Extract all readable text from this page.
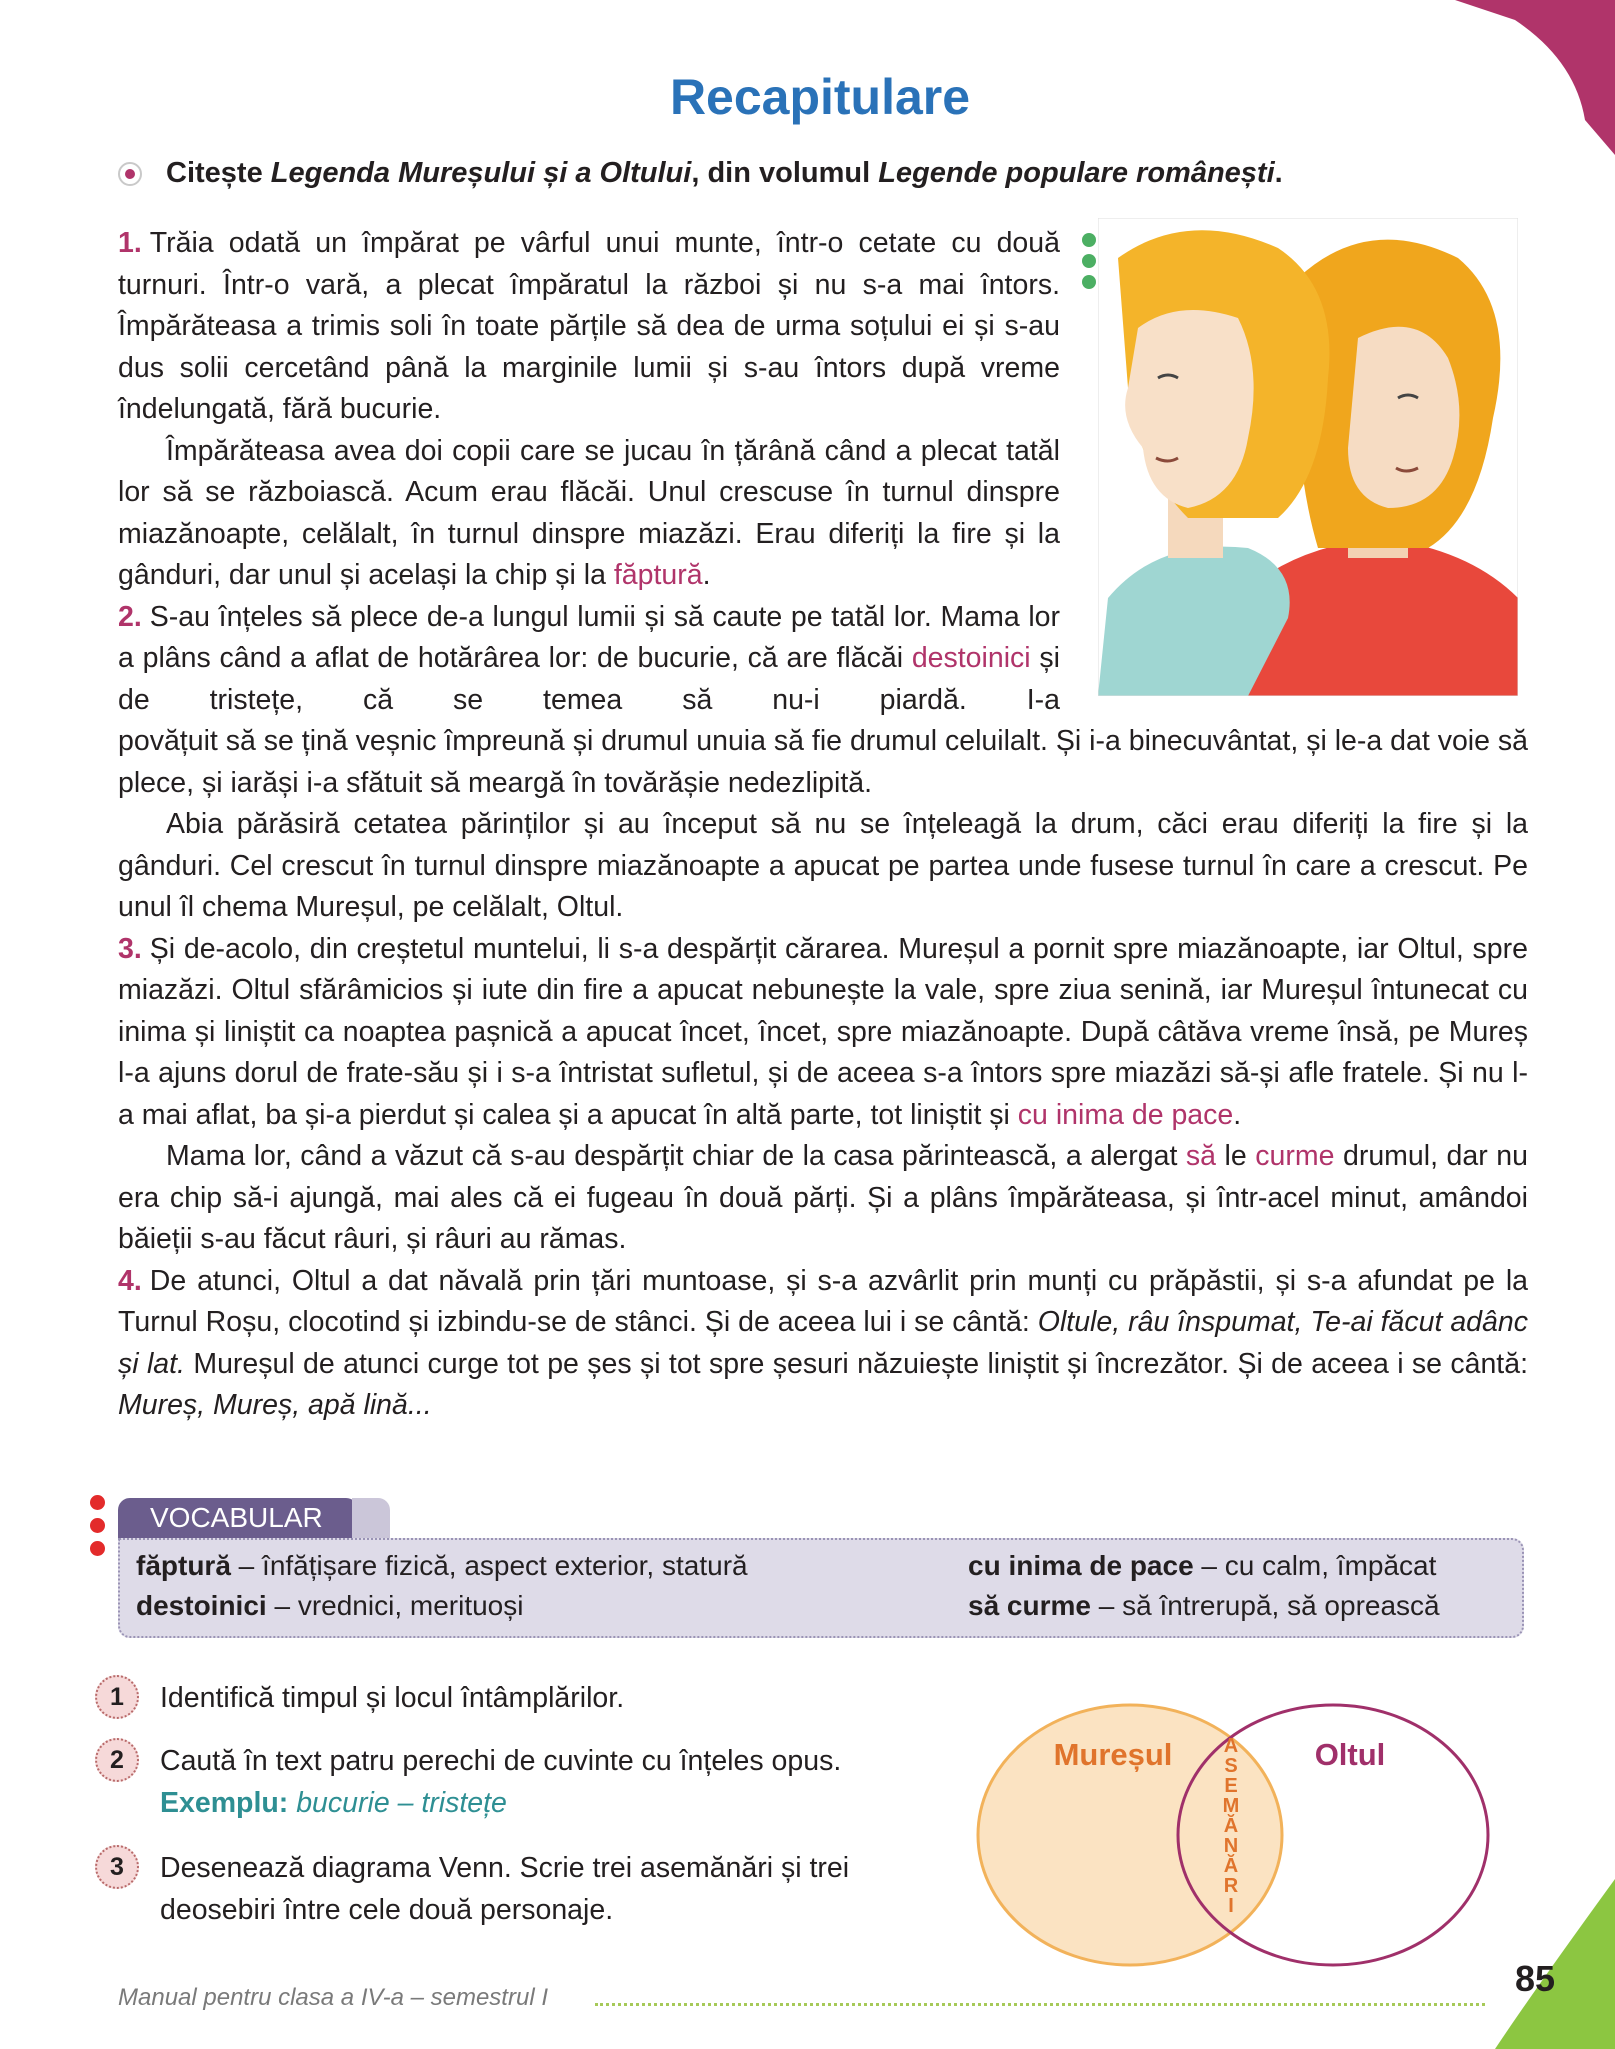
Recapitulare
Citește Legenda Mureșului și a Oltului, din volumul Legende populare românești.

1. Trăia odată un împărat pe vârful unui munte, într-o cetate cu două turnuri. Într-o vară, a plecat împăratul la război și nu s-a mai întors. Împărăteasa a trimis soli în toate părțile să dea de urma soțului ei și s-au dus solii cercetând până la marginile lumii și s-au întors după vreme îndelungată, fără bucurie.

Împărăteasa avea doi copii care se jucau în țărână când a plecat tatăl lor să se războiască. Acum erau flăcăi. Unul crescuse în turnul dinspre miazănoapte, celălalt, în turnul dinspre miazăzi. Erau diferiți la fire și la gânduri, dar unul și același la chip și la făptură.

2. S-au înțeles să plece de-a lungul lumii și să caute pe tatăl lor. Mama lor a plâns când a aflat de hotărârea lor: de bucurie, că are flăcăi destoinici și de tristețe, că se temea să nu-i piardă. I-a

povățuit să se țină veșnic împreună și drumul unuia să fie drumul celuilalt. Și i-a binecuvântat, și le-a dat voie să plece, și iarăși i-a sfătuit să meargă în tovărășie nedezlipită.

Abia părăsiră cetatea părinților și au început să nu se înțeleagă la drum, căci erau diferiți la fire și la gânduri. Cel crescut în turnul dinspre miazănoapte a apucat pe partea unde fusese turnul în care a crescut. Pe unul îl chema Mureșul, pe celălalt, Oltul.

3. Și de-acolo, din creștetul muntelui, li s-a despărțit cărarea. Mureșul a pornit spre miazănoapte, iar Oltul, spre miazăzi. Oltul sfărâmicios și iute din fire a apucat nebunește la vale, spre ziua senină, iar Mureșul întunecat cu inima și liniștit ca noaptea pașnică a apucat încet, încet, spre miazănoapte. După câtăva vreme însă, pe Mureș l-a ajuns dorul de frate-său și i s-a întristat sufletul, și de aceea s-a întors spre miazăzi să-și afle fratele. Și nu l-a mai aflat, ba și-a pierdut și calea și a apucat în altă parte, tot liniștit și cu inima de pace.

Mama lor, când a văzut că s-au despărțit chiar de la casa părintească, a alergat să le curme drumul, dar nu era chip să-i ajungă, mai ales că ei fugeau în două părți. Și a plâns împărăteasa, și într-acel minut, amândoi băieții s-au făcut râuri, și râuri au rămas.

4. De atunci, Oltul a dat năvală prin țări muntoase, și s-a azvârlit prin munți cu prăpăstii, și s-a afundat pe la Turnul Roșu, clocotind și izbindu-se de stânci. Și de aceea lui i se cântă: Oltule, râu înspumat, Te-ai făcut adânc și lat. Mureșul de atunci curge tot pe șes și tot spre șesuri năzuiește liniștit și încrezător. Și de aceea i se cântă: Mureș, Mureș, apă lină...

VOCABULAR
făptură – înfățișare fizică, aspect exterior, statură
destoinici – vrednici, merituoși
cu inima de pace – cu calm, împăcat
să curme – să întrerupă, să oprească
1	Identifică timpul și locul întâmplărilor.
2	Caută în text patru perechi de cuvinte cu înțeles opus.
Exemplu: bucurie – tristețe
3	Desenează diagrama Venn. Scrie trei asemănări și trei deosebiri între cele două personaje.
Mureșul	Oltul
A
S
E
M
Ă
N
Ă
R
I
Manual pentru clasa a IV-a – semestrul I	85
